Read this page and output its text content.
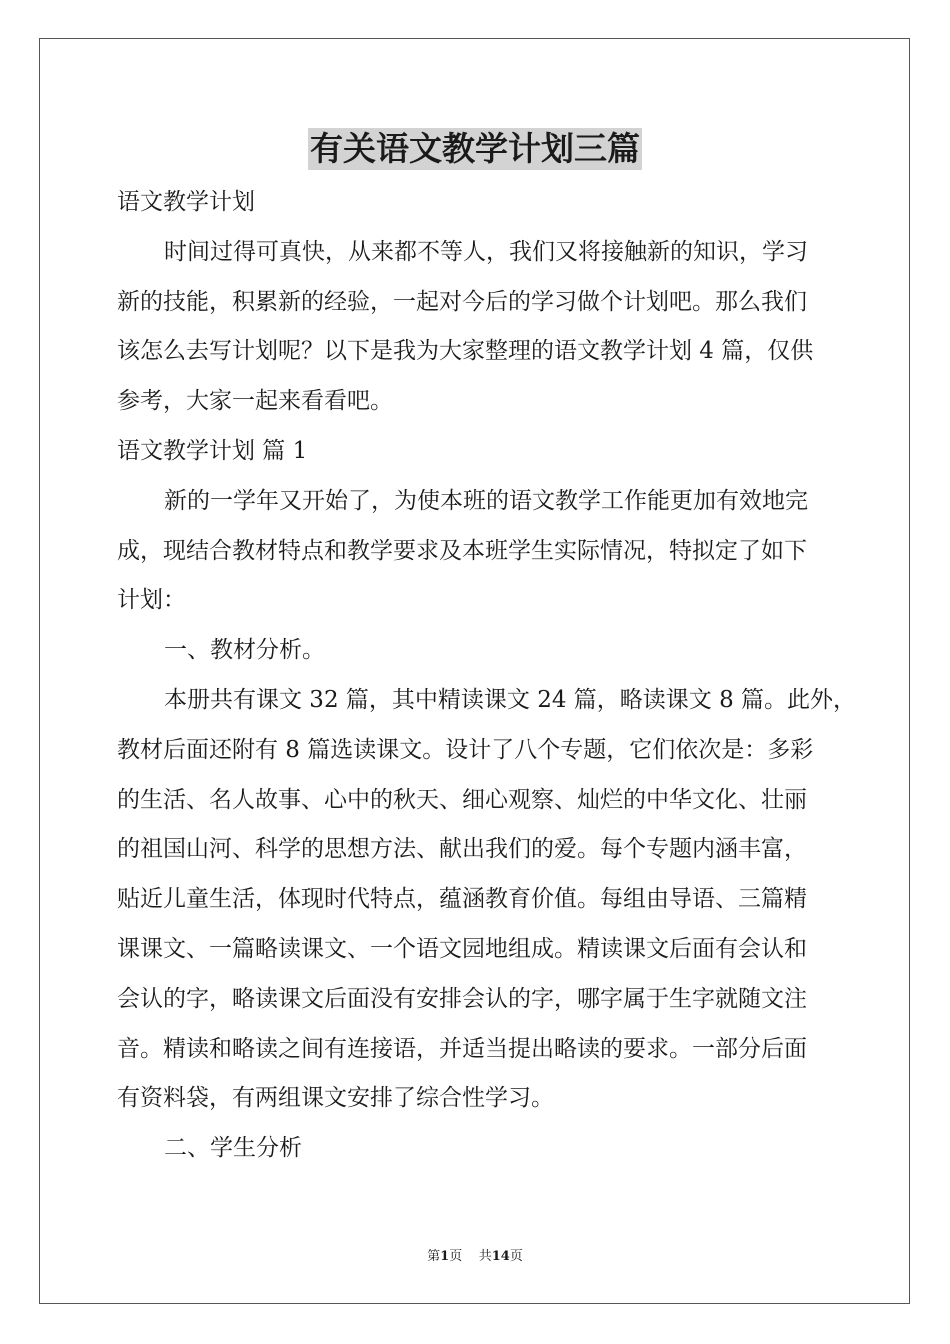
有关语文教学计划三篇
语文教学计划
时间过得可真快，从来都不等人，我们又将接触新的知识，学习
新的技能，积累新的经验，一起对今后的学习做个计划吧。那么我们
该怎么去写计划呢？以下是我为大家整理的语文教学计划 4 篇，仅供
参考，大家一起来看看吧。
语文教学计划 篇 1
新的一学年又开始了，为使本班的语文教学工作能更加有效地完
成，现结合教材特点和教学要求及本班学生实际情况，特拟定了如下
计划：
一、教材分析。
本册共有课文 32 篇，其中精读课文 24 篇，略读课文 8 篇。此外，
教材后面还附有 8 篇选读课文。设计了八个专题，它们依次是：多彩
的生活、名人故事、心中的秋天、细心观察、灿烂的中华文化、壮丽
的祖国山河、科学的思想方法、献出我们的爱。每个专题内涵丰富，
贴近儿童生活，体现时代特点，蕴涵教育价值。每组由导语、三篇精
课课文、一篇略读课文、一个语文园地组成。精读课文后面有会认和
会认的字，略读课文后面没有安排会认的字，哪字属于生字就随文注
音。精读和略读之间有连接语，并适当提出略读的要求。一部分后面
有资料袋，有两组课文安排了综合性学习。
二、学生分析
第1页 共14页
